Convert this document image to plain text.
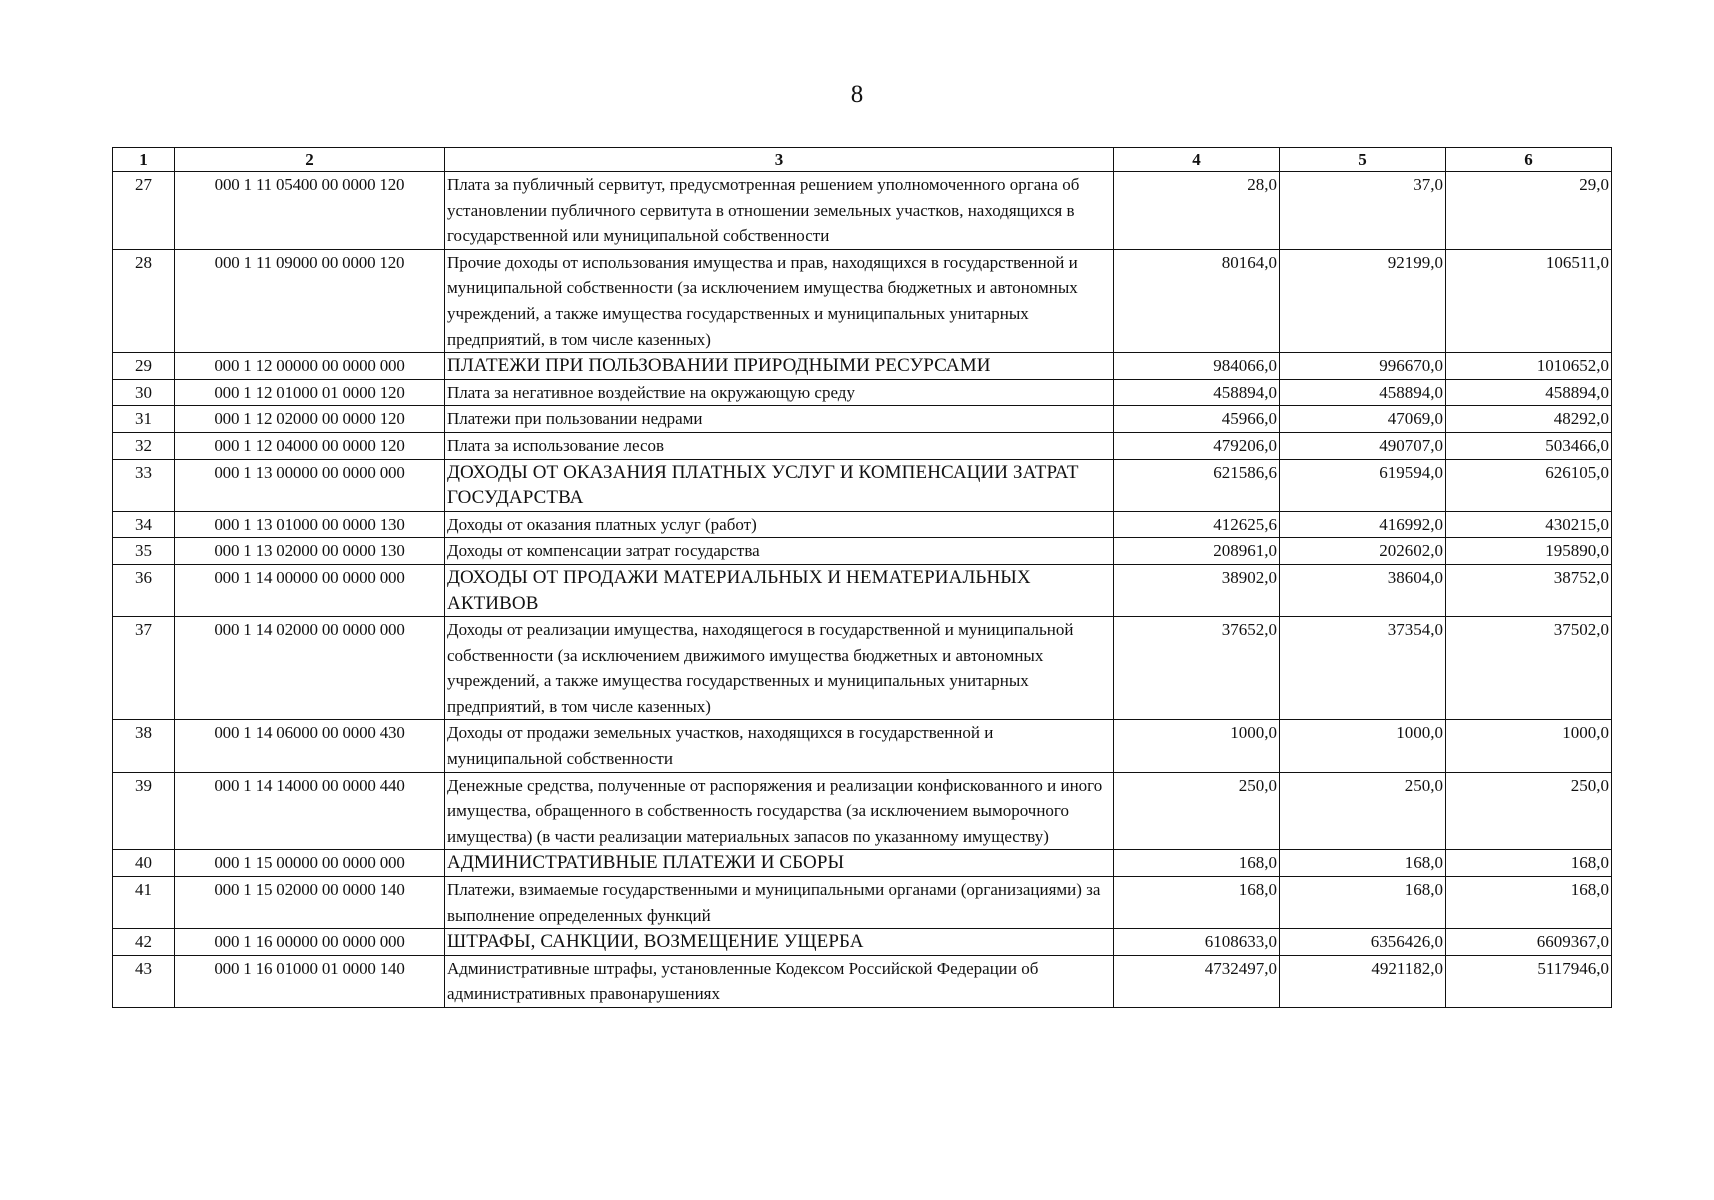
8
1	2	3	4	5	6
27	000 1 11 05400 00 0000 120	Плата за публичный сервитут, предусмотренная решением уполномоченного органа об установлении публичного сервитута в отношении земельных участков, находящихся в государственной или муниципальной собственности	28,0	37,0	29,0
28	000 1 11 09000 00 0000 120	Прочие доходы от использования имущества и прав, находящихся в государственной и муниципальной собственности (за исключением имущества бюджетных и автономных учреждений, а также имущества государственных и муниципальных унитарных предприятий, в том числе казенных)	80164,0	92199,0	106511,0
29	000 1 12 00000 00 0000 000	ПЛАТЕЖИ ПРИ ПОЛЬЗОВАНИИ ПРИРОДНЫМИ РЕСУРСАМИ	984066,0	996670,0	1010652,0
30	000 1 12 01000 01 0000 120	Плата за негативное воздействие на окружающую среду	458894,0	458894,0	458894,0
31	000 1 12 02000 00 0000 120	Платежи при пользовании недрами	45966,0	47069,0	48292,0
32	000 1 12 04000 00 0000 120	Плата за использование лесов	479206,0	490707,0	503466,0
33	000 1 13 00000 00 0000 000	ДОХОДЫ ОТ ОКАЗАНИЯ ПЛАТНЫХ УСЛУГ И КОМПЕНСАЦИИ ЗАТРАТ ГОСУДАРСТВА	621586,6	619594,0	626105,0
34	000 1 13 01000 00 0000 130	Доходы от оказания платных услуг (работ)	412625,6	416992,0	430215,0
35	000 1 13 02000 00 0000 130	Доходы от компенсации затрат государства	208961,0	202602,0	195890,0
36	000 1 14 00000 00 0000 000	ДОХОДЫ ОТ ПРОДАЖИ МАТЕРИАЛЬНЫХ И НЕМАТЕРИАЛЬНЫХ АКТИВОВ	38902,0	38604,0	38752,0
37	000 1 14 02000 00 0000 000	Доходы от реализации имущества, находящегося в государственной и муниципальной собственности (за исключением движимого имущества бюджетных и автономных учреждений, а также имущества государственных и муниципальных унитарных предприятий, в том числе казенных)	37652,0	37354,0	37502,0
38	000 1 14 06000 00 0000 430	Доходы от продажи земельных участков, находящихся в государственной и муниципальной собственности	1000,0	1000,0	1000,0
39	000 1 14 14000 00 0000 440	Денежные средства, полученные от распоряжения и реализации конфискованного и иного имущества, обращенного в собственность государства (за исключением выморочного имущества) (в части реализации материальных запасов по указанному имуществу)	250,0	250,0	250,0
40	000 1 15 00000 00 0000 000	АДМИНИСТРАТИВНЫЕ ПЛАТЕЖИ И СБОРЫ	168,0	168,0	168,0
41	000 1 15 02000 00 0000 140	Платежи, взимаемые государственными и муниципальными органами (организациями) за выполнение определенных функций	168,0	168,0	168,0
42	000 1 16 00000 00 0000 000	ШТРАФЫ, САНКЦИИ, ВОЗМЕЩЕНИЕ УЩЕРБА	6108633,0	6356426,0	6609367,0
43	000 1 16 01000 01 0000 140	Административные штрафы, установленные Кодексом Российской Федерации об административных правонарушениях	4732497,0	4921182,0	5117946,0
